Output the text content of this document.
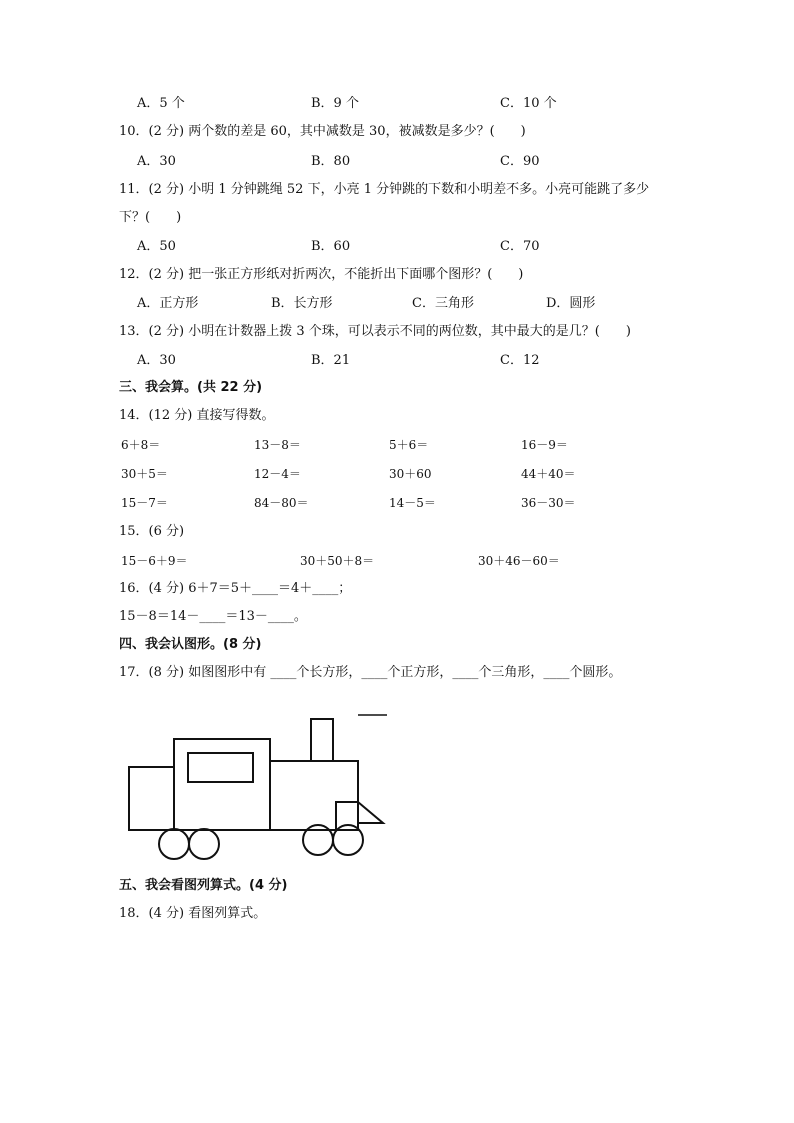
A．5 个	B．9 个	C．10 个
10．(2 分) 两个数的差是 60，其中减数是 30，被减数是多少？(　　)
A．30	B．80	C．90
11．(2 分) 小明 1 分钟跳绳 52 下，小亮 1 分钟跳的下数和小明差不多。小亮可能跳了多少
下？(　　)
A．50	B．60	C．70
12．(2 分) 把一张正方形纸对折两次，不能折出下面哪个图形？(　　)
A．正方形	B．长方形	C．三角形	D．圆形
13．(2 分) 小明在计数器上拨 3 个珠，可以表示不同的两位数，其中最大的是几？(　　)
A．30	B．21	C．12
三、我会算。(共 22 分)
14．(12 分) 直接写得数。
6＋8＝	13－8＝	5＋6＝	16－9＝
30＋5＝	12－4＝	30＋60	44＋40＝
15－7＝	84－80＝	14－5＝	36－30＝
15．(6 分)
15－6＋9＝	30＋50＋8＝	30＋46－60＝
16．(4 分) 6＋7＝5＋____＝4＋____；
15－8＝14－____＝13－____。
四、我会认图形。(8 分)
17．(8 分) 如图图形中有 ____个长方形，____个正方形，____个三角形，____个圆形。
五、我会看图列算式。(4 分)
18．(4 分) 看图列算式。
